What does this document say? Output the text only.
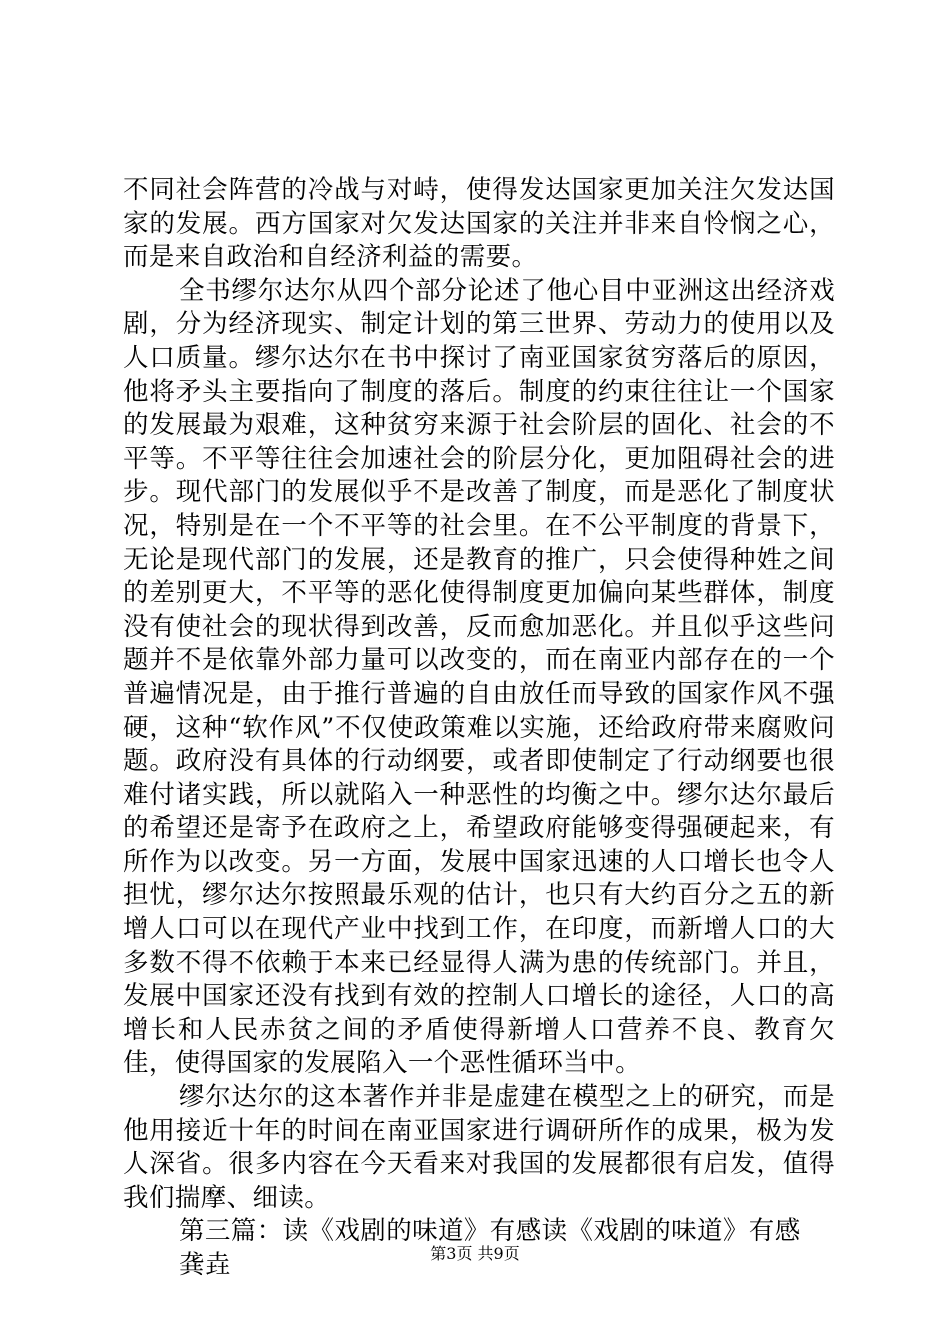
不同社会阵营的冷战与对峙，使得发达国家更加关注欠发达国家的发展。西方国家对欠发达国家的关注并非来自怜悯之心，而是来自政治和自经济利益的需要。

全书缪尔达尔从四个部分论述了他心目中亚洲这出经济戏剧，分为经济现实、制定计划的第三世界、劳动力的使用以及人口质量。缪尔达尔在书中探讨了南亚国家贫穷落后的原因，他将矛头主要指向了制度的落后。制度的约束往往让一个国家的发展最为艰难，这种贫穷来源于社会阶层的固化、社会的不平等。不平等往往会加速社会的阶层分化，更加阻碍社会的进步。现代部门的发展似乎不是改善了制度，而是恶化了制度状况，特别是在一个不平等的社会里。在不公平制度的背景下，无论是现代部门的发展，还是教育的推广，只会使得种姓之间的差别更大，不平等的恶化使得制度更加偏向某些群体，制度没有使社会的现状得到改善，反而愈加恶化。并且似乎这些问题并不是依靠外部力量可以改变的，而在南亚内部存在的一个普遍情况是，由于推行普遍的自由放任而导致的国家作风不强硬，这种“软作风”不仅使政策难以实施，还给政府带来腐败问题。政府没有具体的行动纲要，或者即使制定了行动纲要也很难付诸实践，所以就陷入一种恶性的均衡之中。缪尔达尔最后的希望还是寄予在政府之上，希望政府能够变得强硬起来，有所作为以改变。另一方面，发展中国家迅速的人口增长也令人担忧，缪尔达尔按照最乐观的估计，也只有大约百分之五的新增人口可以在现代产业中找到工作，在印度，而新增人口的大多数不得不依赖于本来已经显得人满为患的传统部门。并且，发展中国家还没有找到有效的控制人口增长的途径，人口的高增长和人民赤贫之间的矛盾使得新增人口营养不良、教育欠佳，使得国家的发展陷入一个恶性循环当中。

缪尔达尔的这本著作并非是虚建在模型之上的研究，而是他用接近十年的时间在南亚国家进行调研所作的成果，极为发人深省。很多内容在今天看来对我国的发展都很有启发，值得我们揣摩、细读。

第三篇：读《戏剧的味道》有感读《戏剧的味道》有感

龚垚	第3页 共9页
